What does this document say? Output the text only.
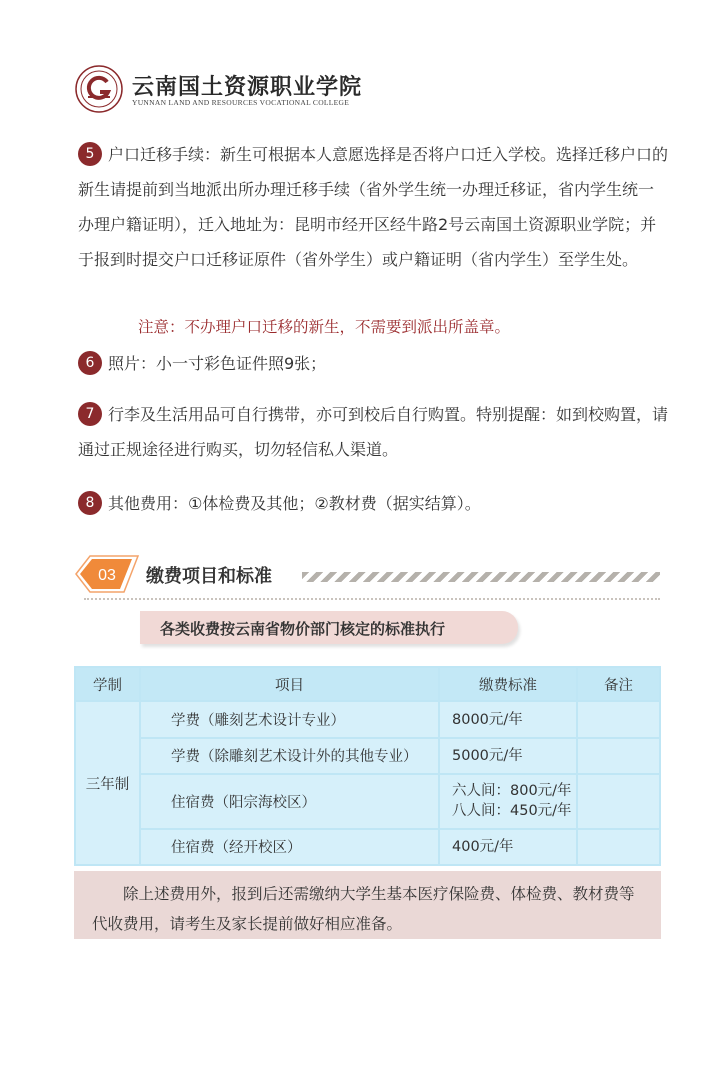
云南国土资源职业学院
YUNNAN LAND AND RESOURCES VOCATIONAL COLLEGE
5 户口迁移手续：新生可根据本人意愿选择是否将户口迁入学校。选择迁移户口的新生请提前到当地派出所办理迁移手续（省外学生统一办理迁移证，省内学生统一办理户籍证明），迁入地址为：昆明市经开区经牛路2号云南国土资源职业学院；并于报到时提交户口迁移证原件（省外学生）或户籍证明（省内学生）至学生处。
注意：不办理户口迁移的新生，不需要到派出所盖章。
6 照片：小一寸彩色证件照9张；
7 行李及生活用品可自行携带，亦可到校后自行购置。特别提醒：如到校购置，请通过正规途径进行购买，切勿轻信私人渠道。
8 其他费用：①体检费及其他；②教材费（据实结算）。
03 缴费项目和标准
各类收费按云南省物价部门核定的标准执行
学制	项目	缴费标准	备注
三年制	学费（雕刻艺术设计专业）	8000元/年	
	学费（除雕刻艺术设计外的其他专业）	5000元/年	
	住宿费（阳宗海校区）	六人间：800元/年
八人间：450元/年	

	住宿费（经开校区）	400元/年	

除上述费用外，报到后还需缴纳大学生基本医疗保险费、体检费、教材费等代收费用，请考生及家长提前做好相应准备。
